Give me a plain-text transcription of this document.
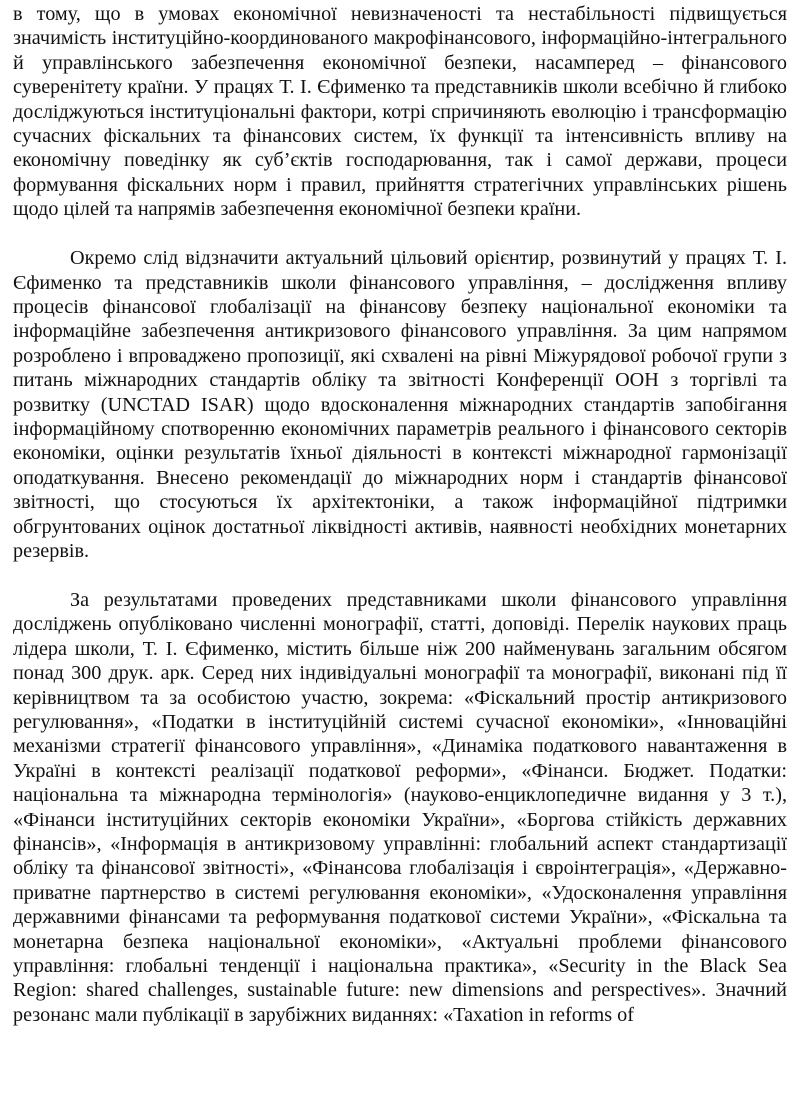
в тому, що в умовах економічної невизначеності та нестабільності підвищується значимість інституційно-координованого макрофінансового, інформаційно-інтегрального й управлінського забезпечення економічної безпеки, насамперед – фінансового суверенітету країни. У працях Т. І. Єфименко та представників школи всебічно й глибоко досліджуються інституціональні фактори, котрі спричиняють еволюцію і трансформацію сучасних фіскальних та фінансових систем, їх функції та інтенсивність впливу на економічну поведінку як суб’єктів господарювання, так і самої держави, процеси формування фіскальних норм і правил, прийняття стратегічних управлінських рішень щодо цілей та напрямів забезпечення економічної безпеки країни.

Окремо слід відзначити актуальний цільовий орієнтир, розвинутий у працях Т. І. Єфименко та представників школи фінансового управління, – дослідження впливу процесів фінансової глобалізації на фінансову безпеку національної економіки та інформаційне забезпечення антикризового фінансового управління. За цим напрямом розроблено і впроваджено пропозиції, які схвалені на рівні Міжурядової робочої групи з питань міжнародних стандартів обліку та звітності Конференції ООН з торгівлі та розвитку (UNCTAD ISAR) щодо вдосконалення міжнародних стандартів запобігання інформаційному спотворенню економічних параметрів реального і фінансового секторів економіки, оцінки результатів їхньої діяльності в контексті міжнародної гармонізації оподаткування. Внесено рекомендації до міжнародних норм і стандартів фінансової звітності, що стосуються їх архітектоніки, а також інформаційної підтримки обгрунтованих оцінок достатньої ліквідності активів, наявності необхідних монетарних резервів.

За результатами проведених представниками школи фінансового управління досліджень опубліковано численні монографії, статті, доповіді. Перелік наукових праць лідера школи, Т. І. Єфименко, містить більше ніж 200 найменувань загальним обсягом понад 300 друк. арк. Серед них індивідуальні монографії та монографії, виконані під її керівництвом та за особистою участю, зокрема: «Фіскальний простір антикризового регулювання», «Податки в інституційній системі сучасної економіки», «Інноваційні механізми стратегії фінансового управління», «Динаміка податкового навантаження в Україні в контексті реалізації податкової реформи», «Фінанси. Бюджет. Податки: національна та міжнародна термінологія» (науково-енциклопедичне видання у 3 т.), «Фінанси інституційних секторів економіки України», «Боргова стійкість державних фінансів», «Інформація в антикризовому управлінні: глобальний аспект стандартизації обліку та фінансової звітності», «Фінансова глобалізація і євроінтеграція», «Державно-приватне партнерство в системі регулювання економіки», «Удосконалення управління державними фінансами та реформування податкової системи України», «Фіскальна та монетарна безпека національної економіки», «Актуальні проблеми фінансового управління: глобальні тенденції і національна практика», «Security in the Black Sea Region: shared challenges, sustainable future: new dimensions and perspectives». Значний резонанс мали публікації в зарубіжних виданнях: «Taxation in reforms of
